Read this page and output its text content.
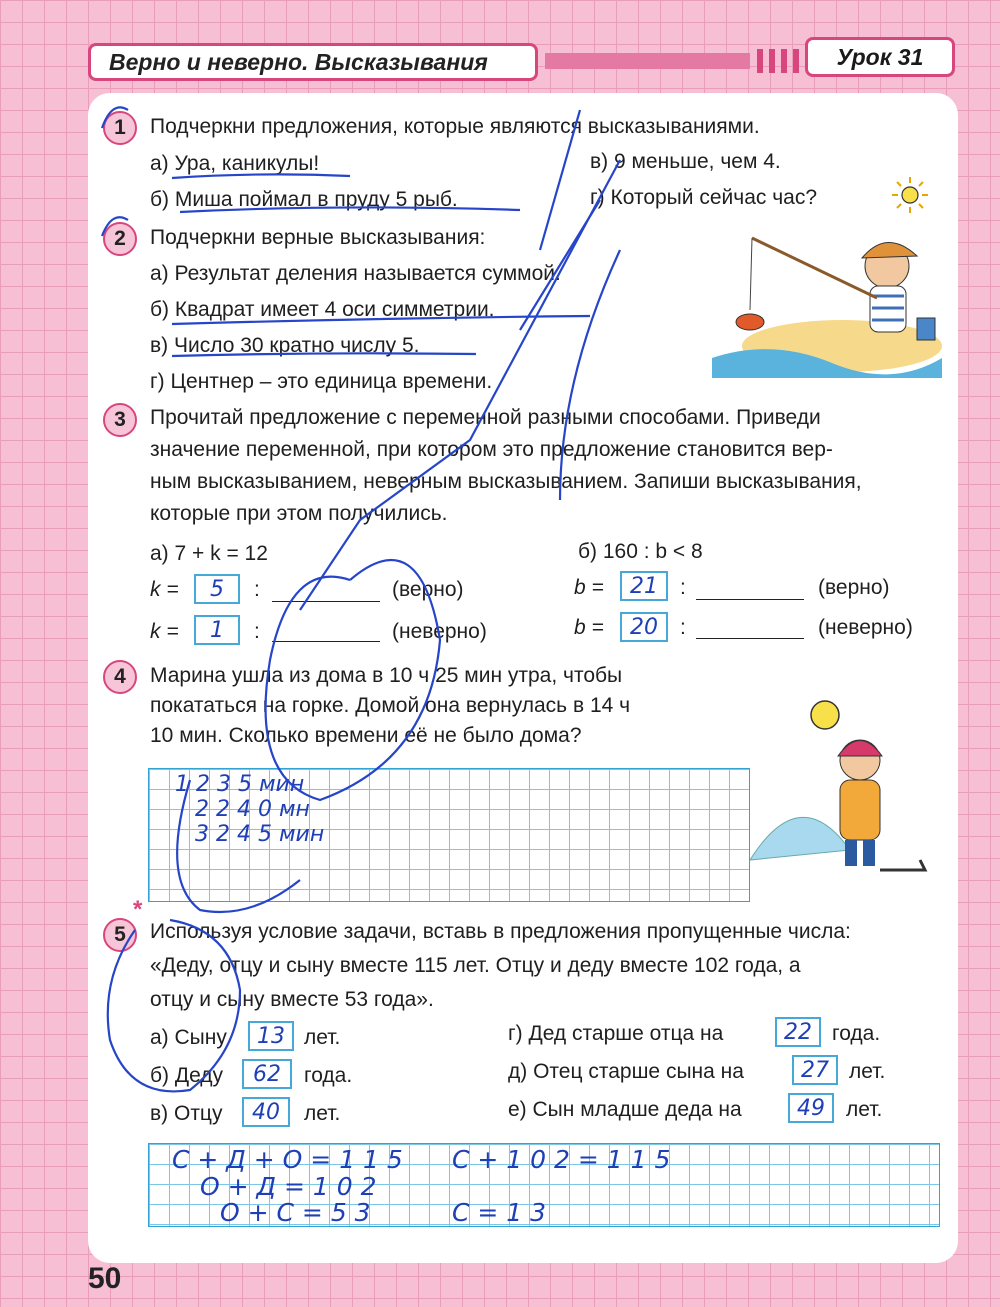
Верно и неверно. Высказывания	Урок 31
1	Подчеркни предложения, которые являются высказываниями.
а) Ура, каникулы!
б) Миша поймал в пруду 5 рыб.
в) 9 меньше, чем 4.
г) Который сейчас час?
2	Подчеркни верные высказывания:
а) Результат деления называется суммой.
б) Квадрат имеет 4 оси симметрии.
в) Число 30 кратно числу 5.
г) Центнер – это единица времени.
3	Прочитай предложение с переменной разными способами. Приведи
значение переменной, при котором это предложение становится вер-
ным высказыванием, неверным высказыванием. Запиши высказывания,
которые при этом получились.
а) 7 + k = 12	б) 160 : b < 8
k =	5	:	(верно)
k =	1	:	(неверно)
b =	21	:	(верно)
b =	20	:	(неверно)
4	Марина ушла из дома в 10 ч 25 мин утра, чтобы
покататься на горке. Домой она вернулась в 14 ч
10 мин. Сколько времени её не было дома?
1 2 3 5 мин
2 2 4 0 мн
3 2 4 5 мин
5
*
Используя условие задачи, вставь в предложения пропущенные числа:
«Деду, отцу и сыну вместе 115 лет. Отцу и деду вместе 102 года, а
отцу и сыну вместе 53 года».
а) Сыну	13 лет.
б) Деду	62	года.
в) Отцу	40	лет.
г) Дед старше отца на	22 года.
д) Отец старше сына на	27 лет.
е) Сын младше деда на	49	лет.
С + Д + О = 1 1 5
О + Д = 1 0 2
О + С = 5 3
С + 1 0 2 = 1 1 5
С = 1 3
50
